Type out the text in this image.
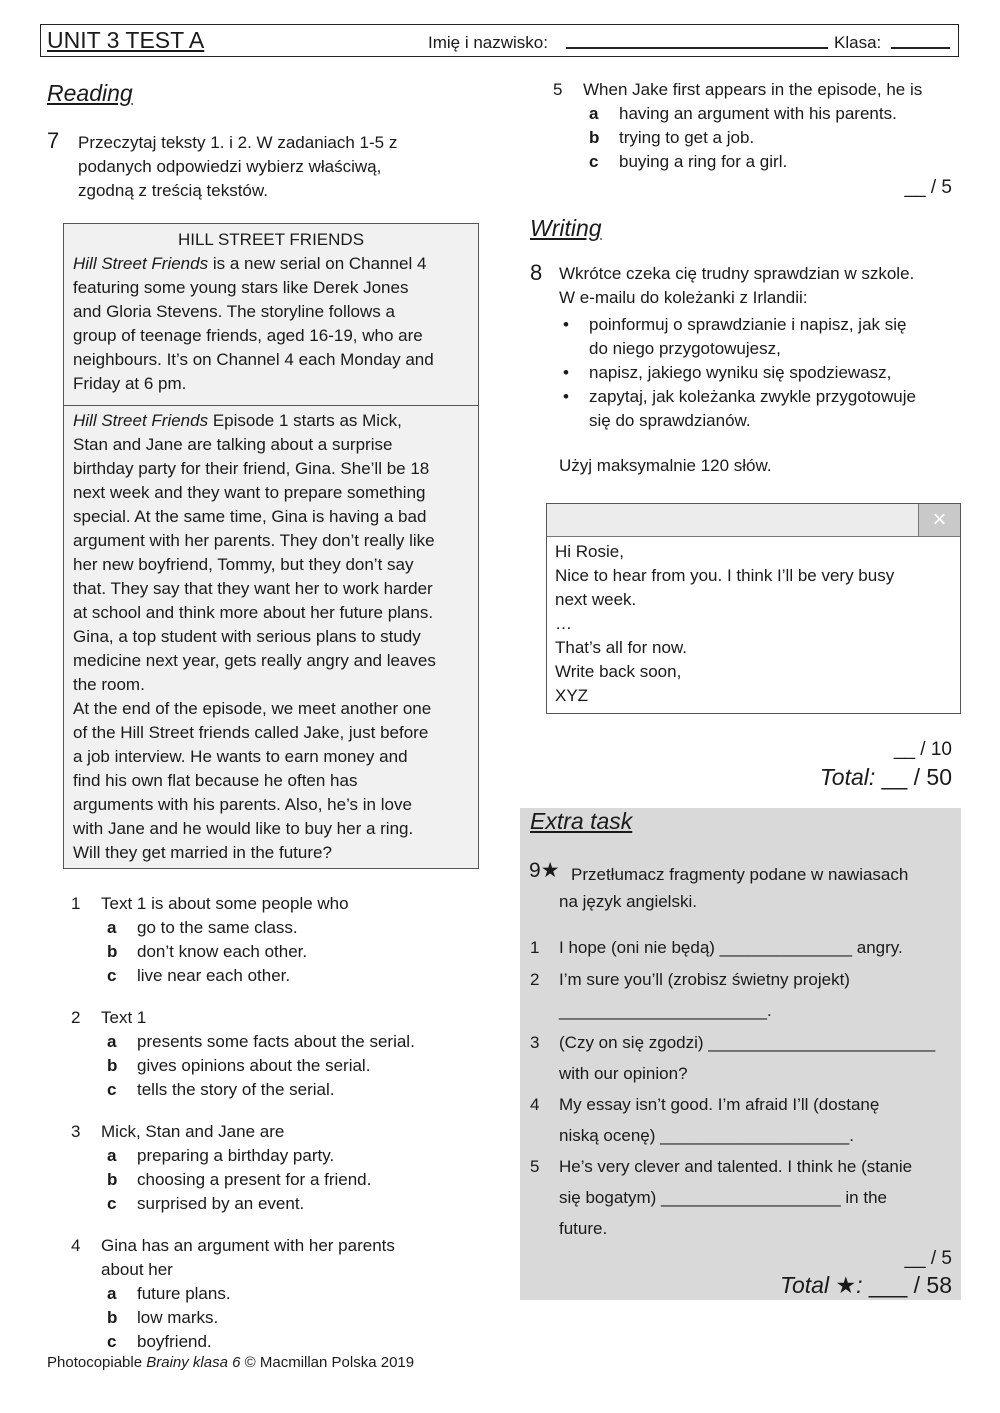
UNIT 3 TEST A	Imię i nazwisko:	Klasa:
Reading
7 Przeczytaj teksty 1. i 2. W zadaniach 1-5 z
podanych odpowiedzi wybierz właściwą,
zgodną z treścią tekstów.

HILL STREET FRIENDS

Hill Street Friends is a new serial on Channel 4

featuring some young stars like Derek Jones

and Gloria Stevens. The storyline follows a

group of teenage friends, aged 16-19, who are

neighbours. It’s on Channel 4 each Monday and

Friday at 6 pm.

Hill Street Friends Episode 1 starts as Mick,

Stan and Jane are talking about a surprise

birthday party for their friend, Gina. She’ll be 18

next week and they want to prepare something

special. At the same time, Gina is having a bad

argument with her parents. They don’t really like

her new boyfriend, Tommy, but they don’t say

that. They say that they want her to work harder

at school and think more about her future plans.

Gina, a top student with serious plans to study

medicine next year, gets really angry and leaves

the room.

At the end of the episode, we meet another one

of the Hill Street friends called Jake, just before

a job interview. He wants to earn money and

find his own flat because he often has

arguments with his parents. Also, he’s in love

with Jane and he would like to buy her a ring.

Will they get married in the future?

1 Text 1 is about some people who
a go to the same class.
b don’t know each other.
c live near each other.
2 Text 1
a presents some facts about the serial.
b gives opinions about the serial.
c tells the story of the serial.
3 Mick, Stan and Jane are
a preparing a birthday party.
b choosing a present for a friend.
c surprised by an event.
4 Gina has an argument with her parents
about her
a future plans.
b low marks.
c boyfriend.
5 When Jake first appears in the episode, he is
a having an argument with his parents.
b trying to get a job.
c buying a ring for a girl.
__ / 5
Writing
8 Wkrótce czeka cię trudny sprawdzian w szkole.
W e-mailu do koleżanki z Irlandii:
• poinformuj o sprawdzianie i napisz, jak się
do niego przygotowujesz,
• napisz, jakiego wyniku się spodziewasz,
• zapytaj, jak koleżanka zwykle przygotowuje
się do sprawdzianów.
Użyj maksymalnie 120 słów.
×

Hi Rosie,

Nice to hear from you. I think I’ll be very busy

next week.

…

That’s all for now.

Write back soon,

XYZ

__ / 10
Total: __ / 50
Extra task
9★ Przetłumacz fragmenty podane w nawiasach
na język angielski.
1 I hope (oni nie będą) ______________ angry.
2 I’m sure you’ll (zrobisz świetny projekt)
______________________.
3 (Czy on się zgodzi) ________________________
with our opinion?
4 My essay isn’t good. I’m afraid I’ll (dostanę
niską ocenę) ____________________.
5 He’s very clever and talented. I think he (stanie
się bogatym) ___________________ in the
future.
__ / 5
Total ★: ___ / 58
Photocopiable Brainy klasa 6 © Macmillan Polska 2019
